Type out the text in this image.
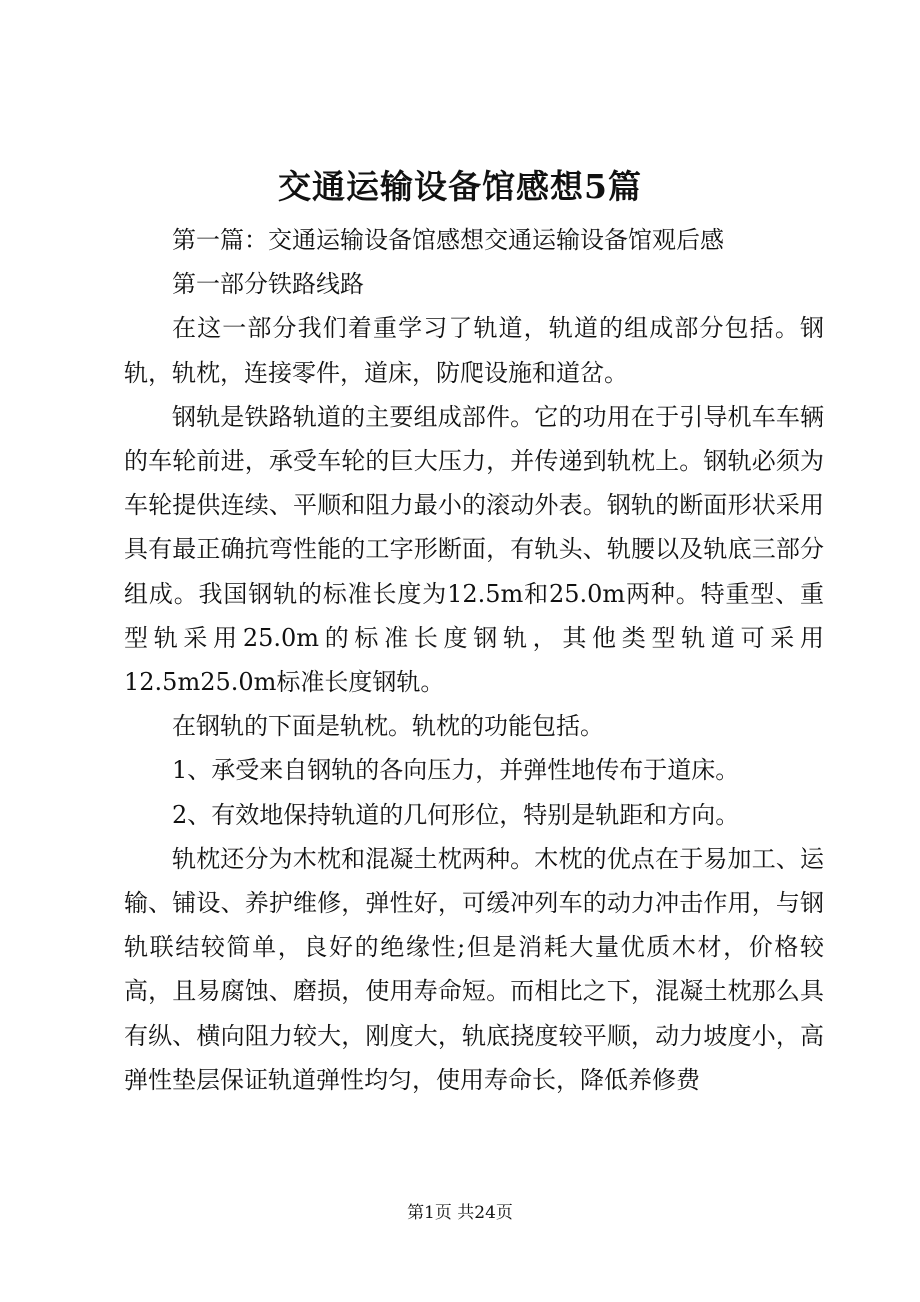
交通运输设备馆感想5篇

第一篇：交通运输设备馆感想交通运输设备馆观后感

第一部分铁路线路

在这一部分我们着重学习了轨道，轨道的组成部分包括。钢轨，轨枕，连接零件，道床，防爬设施和道岔。

钢轨是铁路轨道的主要组成部件。它的功用在于引导机车车辆的车轮前进，承受车轮的巨大压力，并传递到轨枕上。钢轨必须为车轮提供连续、平顺和阻力最小的滚动外表。钢轨的断面形状采用具有最正确抗弯性能的工字形断面，有轨头、轨腰以及轨底三部分组成。我国钢轨的标准长度为12.5m和25.0m两种。特重型、重型轨采用25.0m的标准长度钢轨，其他类型轨道可采用12.5m25.0m标准长度钢轨。

在钢轨的下面是轨枕。轨枕的功能包括。

1、承受来自钢轨的各向压力，并弹性地传布于道床。

2、有效地保持轨道的几何形位，特别是轨距和方向。

轨枕还分为木枕和混凝土枕两种。木枕的优点在于易加工、运输、铺设、养护维修，弹性好，可缓冲列车的动力冲击作用，与钢轨联结较简单，良好的绝缘性;但是消耗大量优质木材，价格较高，且易腐蚀、磨损，使用寿命短。而相比之下，混凝土枕那么具有纵、横向阻力较大，刚度大，轨底挠度较平顺，动力坡度小，高弹性垫层保证轨道弹性均匀，使用寿命长，降低养修费

第1页 共24页
